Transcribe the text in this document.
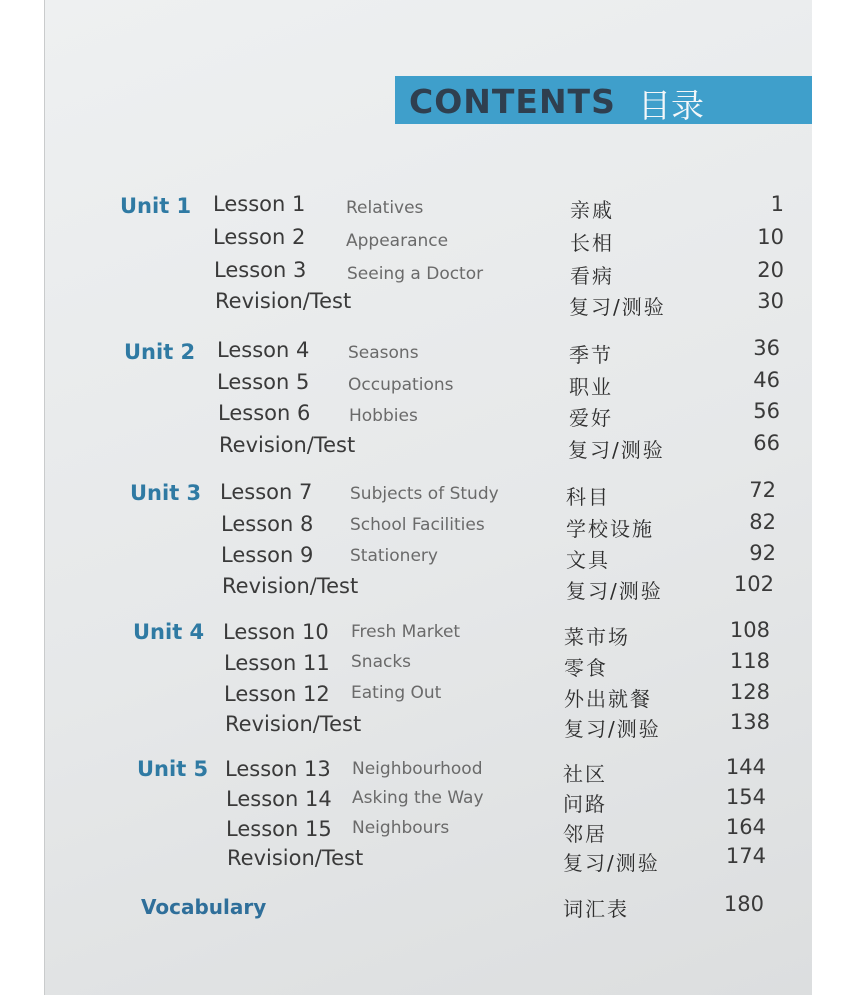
CONTENTS 目录
Unit 1 Lesson 1 Relatives	亲戚	1
Lesson 2 Appearance	长相	10
Lesson 3 Seeing a Doctor	看病	20
Revision/Test	复习/测验	30
Unit 2 Lesson 4 Seasons	季节	36
Lesson 5 Occupations	职业	46
Lesson 6 Hobbies	爱好	56
Revision/Test	复习/测验	66
Unit 3 Lesson 7 Subjects of Study	科目	72
Lesson 8 School Facilities	学校设施	82
Lesson 9 Stationery	文具	92
Revision/Test	复习/测验	102
Unit 4 Lesson 10 Fresh Market	菜市场	108
Lesson 11 Snacks	零食	118
Lesson 12 Eating Out	外出就餐	128
Revision/Test	复习/测验	138
Unit 5 Lesson 13 Neighbourhood	社区	144
Lesson 14 Asking the Way	问路	154
Lesson 15 Neighbours	邻居	164
Revision/Test	复习/测验	174
Vocabulary	词汇表	180
